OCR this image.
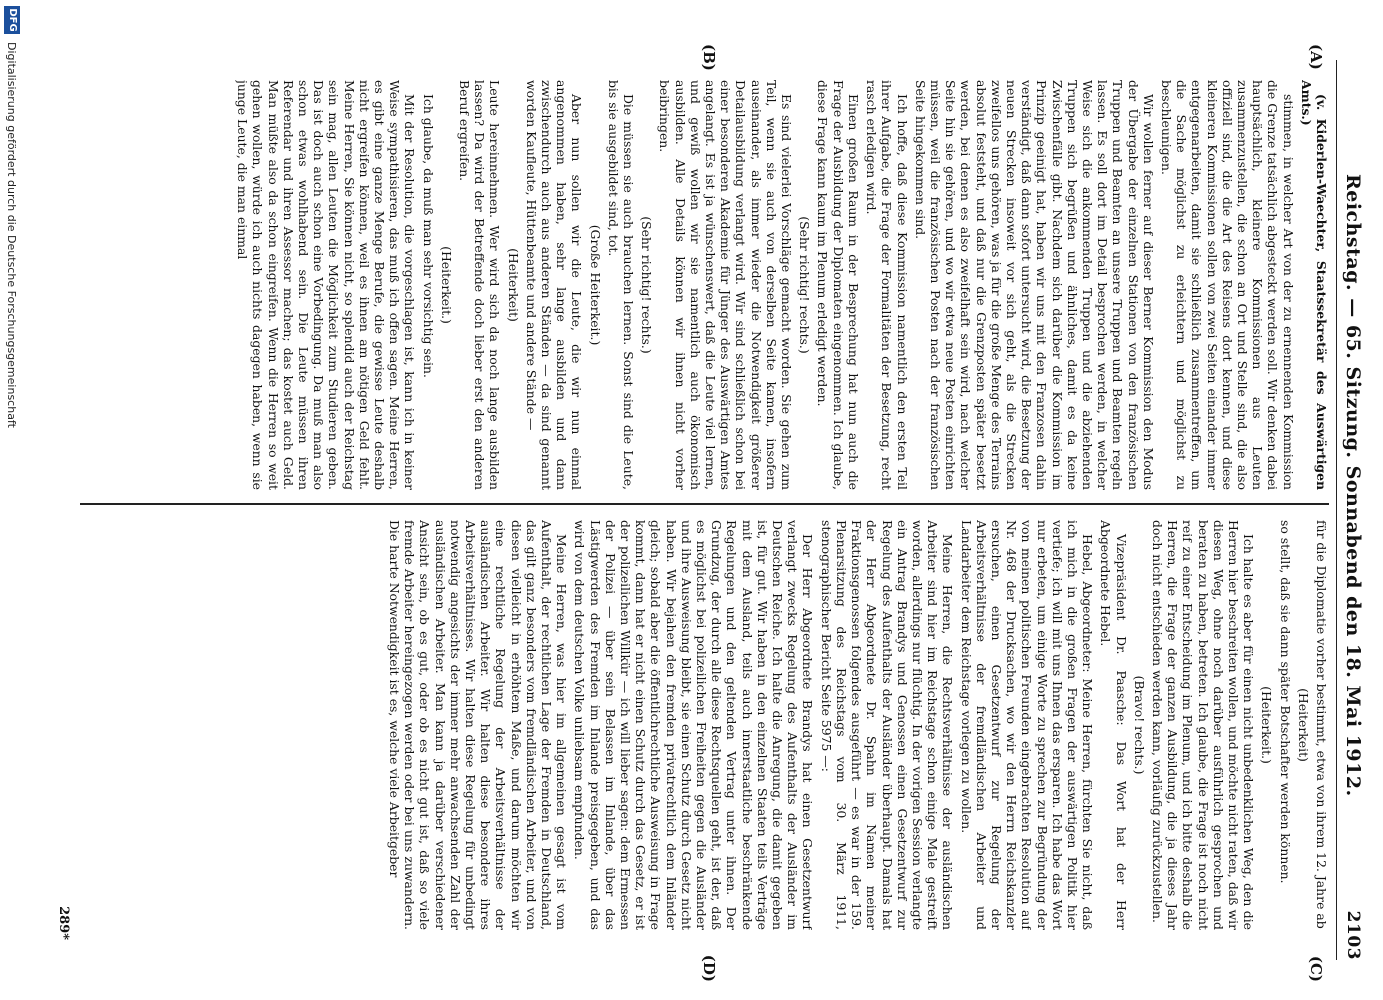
Reichstag. — 65. Sitzung. Sonnabend den 18. Mai 1912.
2103
(A)
(B)
(C)
(D)

(v. Kiderlen-Waechter, Staatssekretär des Auswärtigen Amts.)

stimmen, in welcher Art von der zu ernennenden Kommission die Grenze tatsächlich abgesteckt werden soll. Wir denken dabei hauptsächlich, kleinere Kommissionen aus Leuten zusammenzustellen, die schon an Ort und Stelle sind, die also offiziell sind, die die Art des Reisens dort kennen, und diese kleineren Kommissionen sollen von zwei Seiten einander immer entgegenarbeiten, damit sie schließlich zusammentreffen, um die Sache möglichst zu erleichtern und möglichst zu beschleunigen.

Wir wollen ferner auf dieser Berner Kommission den Modus der Übergabe der einzelnen Stationen von den französischen Truppen und Beamten an unsere Truppen und Beamten regeln lassen. Es soll dort im Detail besprochen werden, in welcher Weise sich die ankommenden Truppen und die abziehenden Truppen sich begrüßen und ähnliches, damit es da keine Zwischenfälle gibt. Nachdem sich darüber die Kommission im Prinzip geeinigt hat, haben wir uns mit den Franzosen dahin verständigt, daß dann sofort untersucht wird, die Besetzung der neuen Strecken insoweit vor sich geht, als die Strecken zweifellos uns gehören, was ja für die große Menge des Terrains absolut feststeht, und daß nur die Grenzposten später besetzt werden, bei denen es also zweifelhaft sein wird, nach welcher Seite hin sie gehören, und wo wir etwa neue Posten einrichten müssen, weil die französischen Posten nach der französischen Seite hingekommen sind.

Ich hoffe, daß diese Kommission namentlich den ersten Teil ihrer Aufgabe, die Frage der Formalitäten der Besetzung, recht rasch erledigen wird.

Einen großen Raum in der Besprechung hat nun auch die Frage der Ausbildung der Diplomaten eingenommen. Ich glaube, diese Frage kann kaum im Plenum erledigt werden.

(Sehr richtig! rechts.)

Es sind vielerlei Vorschläge gemacht worden. Sie gehen zum Teil, wenn sie auch von derselben Seite kamen, insofern auseinander, als immer wieder die Notwendigkeit größerer Detailausbildung verlangt wird. Wir sind schließlich schon bei einer besonderen Akademie für Jünger des Auswärtigen Amtes angelangt. Es ist ja wünschenswert, daß die Leute viel lernen, und gewiß wollen wir sie namentlich auch ökonomisch ausbilden. Alle Details können wir ihnen nicht vorher beibringen.

(Sehr richtig! rechts.)

Die müssen sie auch brauchen lernen. Sonst sind die Leute, bis sie ausgebildet sind, tot.

(Große Heiterkeit.)

Aber nun sollen wir die Leute, die wir nun einmal angenommen haben, sehr lange ausbilden und dann zwischendurch auch aus anderen Ständen — da sind genannt worden Kaufleute, Hüttenbeamte und andere Stände —

(Heiterkeit)

Leute hereinnehmen. Wer wird sich da noch lange ausbilden lassen? Da wird der Betreffende doch lieber erst den anderen Beruf ergreifen.

(Heiterkeit.)

Ich glaube, da muß man sehr vorsichtig sein.

Mit der Resolution, die vorgeschlagen ist, kann ich in keiner Weise sympathisieren, das muß ich offen sagen. Meine Herren, es gibt eine ganze Menge Berufe, die gewisse Leute deshalb nicht ergreifen können, weil es ihnen am nötigen Geld fehlt. Meine Herren, Sie können nicht, so splendid auch der Reichstag sein mag, allen Leuten die Möglichkeit zum Studieren geben. Das ist doch auch schon eine Vorbedingung. Da muß man also schon etwas wohlhabend sein. Die Leute müssen ihren Referendar und ihren Assessor machen; das kostet auch Geld. Man müßte also da schon eingreifen. Wenn die Herren so weit gehen wollen, würde ich auch nichts dagegen haben, wenn sie junge Leute, die man einmal

für die Diplomatie vorher bestimmt, etwa von ihrem 12. Jahre ab

(Heiterkeit)

so stellt, daß sie dann später Botschafter werden können.

(Heiterkeit.)

Ich halte es aber für einen nicht unbedenklichen Weg, den die Herren hier beschreiten wollen, und möchte nicht raten, daß wir diesen Weg, ohne noch darüber ausführlich gesprochen und beraten zu haben, betreten. Ich glaube, die Frage ist noch nicht reif zu einer Entscheidung im Plenum, und ich bitte deshalb die Herren, die Frage der ganzen Ausbildung, die ja dieses Jahr doch nicht entschieden werden kann, vorläufig zurückzustellen.

(Bravo! rechts.)

Vizepräsident Dr. Paasche: Das Wort hat der Herr Abgeordnete Hebel.

Hebel, Abgeordneter: Meine Herren, fürchten Sie nicht, daß ich mich in die großen Fragen der auswärtigen Politik hier vertiefe; ich will mit uns Ihnen das ersparen. Ich habe das Wort nur erbeten, um einige Worte zu sprechen zur Begründung der von meinen politischen Freunden eingebrachten Resolution auf Nr. 468 der Drucksachen, wo wir den Herrn Reichskanzler ersuchen, einen Gesetzentwurf zur Regelung der Arbeitsverhältnisse der fremdländischen Arbeiter und Landarbeiter dem Reichstage vorlegen zu wollen.

Meine Herren, die Rechtsverhältnisse der ausländischen Arbeiter sind hier im Reichstage schon einige Male gestreift worden, allerdings nur flüchtig. In der vorigen Session verlangte ein Antrag Brandys und Genossen einen Gesetzentwurf zur Regelung des Aufenthalts der Ausländer überhaupt. Damals hat der Herr Abgeordnete Dr. Spahn im Namen meiner Fraktionsgenossen folgendes ausgeführt — es war in der 159. Plenarsitzung des Reichstags vom 30. März 1911, stenographischer Bericht Seite 5975 —:

Der Herr Abgeordnete Brandys hat einen Gesetzentwurf verlangt zwecks Regelung des Aufenthalts der Ausländer im Deutschen Reiche. Ich halte die Anregung, die damit gegeben ist, für gut. Wir haben in den einzelnen Staaten teils Verträge mit dem Ausland, teils auch innerstaatliche beschränkende Regelungen und den geltenden Vertrag unter ihnen. Der Grundzug, der durch alle diese Rechtsquellen geht, ist der, daß es möglichst bei polizeilichen Freiheiten gegen die Ausländer und ihre Ausweisung bleibt, sie einen Schutz durch Gesetz nicht haben. Wir bejahen den fremden privatrechtlich dem Inländer gleich; sobald aber die öffentlichrechtliche Ausweisung in Frage kommt, dann hat er nicht einen Schutz durch das Gesetz, er ist der polizeilichen Willkür — ich will lieber sagen: dem Ermessen der Polizei — über sein Belassen im Inlande, über das Lästigwerden des Fremden im Inlande preisgegeben, und das wird von dem deutschen Volke unliebsam empfunden.

Meine Herren, was hier im allgemeinen gesagt ist vom Aufenthalt, der rechtlichen Lage der Fremden in Deutschland, das gilt ganz besonders vom fremdländischen Arbeiter, und von diesen vielleicht in erhöhtem Maße, und darum möchten wir eine rechtliche Regelung der Arbeitsverhältnisse der ausländischen Arbeiter. Wir halten diese besondere ihres Arbeitsverhältnisses. Wir halten diese Regelung für unbedingt notwendig angesichts der immer mehr anwachsenden Zahl der ausländischen Arbeiter. Man kann ja darüber verschiedener Ansicht sein, ob es gut, oder ob es nicht gut ist, daß so viele fremde Arbeiter hereingezogen werden oder bei uns zuwandern. Die harte Notwendigkeit ist es, welche viele Arbeitgeber

289*
DFG
Digitalisierung gefördert durch die Deutsche Forschungsgemeinschaft
